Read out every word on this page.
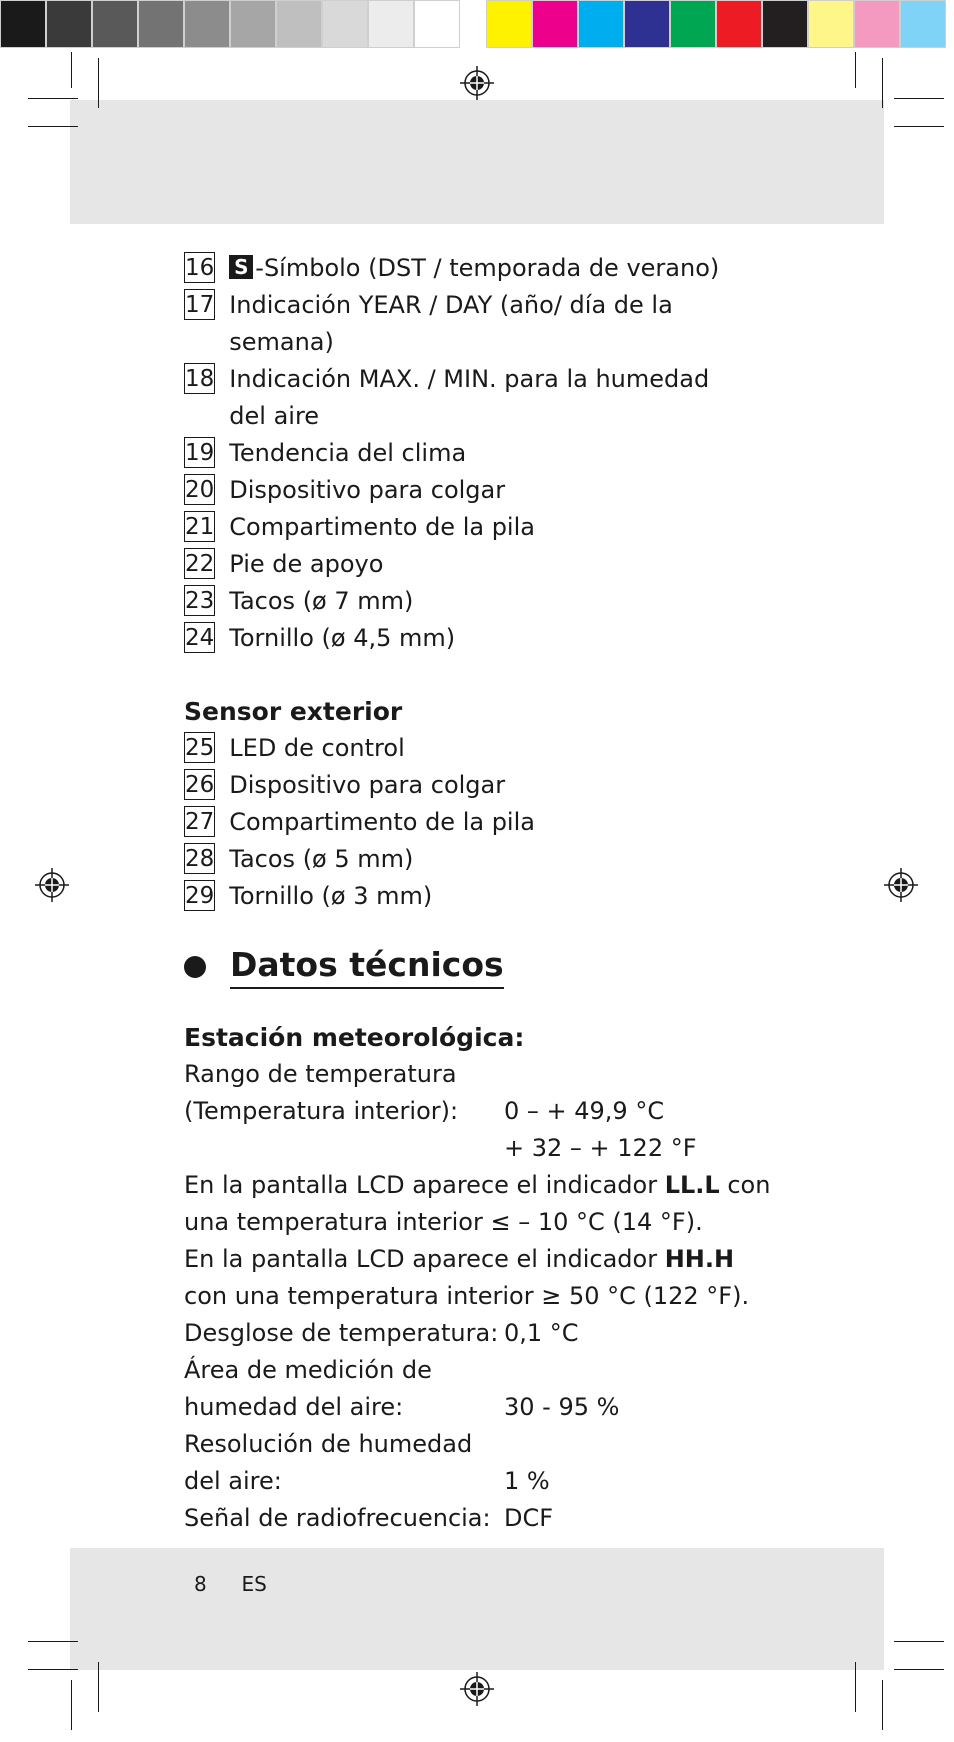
16 S -Símbolo (DST / temporada de verano)
17 Indicación YEAR / DAY (año/ día de la semana)
18 Indicación MAX. / MIN. para la humedad del aire
19 Tendencia del clima
20 Dispositivo para colgar
21 Compartimento de la pila
22 Pie de apoyo
23 Tacos (ø 7 mm)
24 Tornillo (ø 4,5 mm)
Sensor exterior
25 LED de control
26 Dispositivo para colgar
27 Compartimento de la pila
28 Tacos (ø 5 mm)
29 Tornillo (ø 3 mm)
Datos técnicos
Estación meteorológica:
Rango de temperatura
(Temperatura interior):	0 – + 49,9 °C
+ 32 – + 122 °F
En la pantalla LCD aparece el indicador LL.L con
una temperatura interior ≤ – 10 °C (14 °F).
En la pantalla LCD aparece el indicador HH.H
con una temperatura interior ≥ 50 °C (122 °F).
Desglose de temperatura: 0,1 °C
Área de medición de
humedad del aire:	30 - 95 %
Resolución de humedad
del aire:	1 %
Señal de radiofrecuencia: DCF
8 ES
